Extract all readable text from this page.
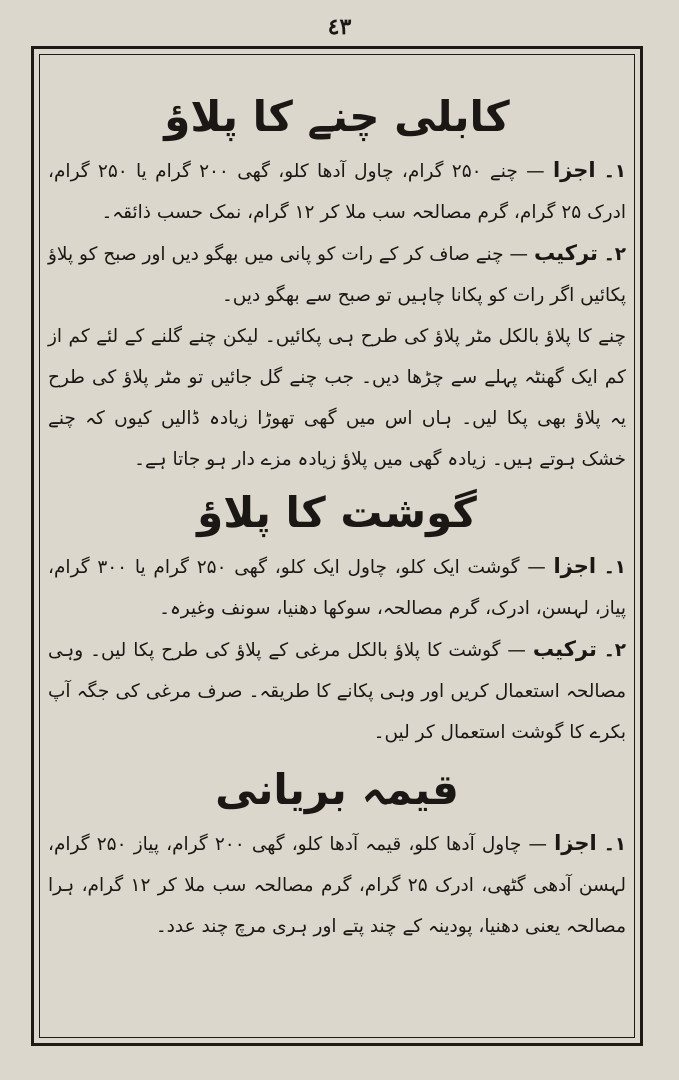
٤٣
کابلی چنے کا پلاؤ

۱۔ اجزا — چنے ۲۵۰ گرام، چاول آدھا کلو، گھی ۲۰۰ گرام یا ۲۵۰ گرام، ادرک ۲۵ گرام، گرم مصالحہ سب ملا کر ۱۲ گرام، نمک حسب ذائقہ۔

۲۔ ترکیب — چنے صاف کر کے رات کو پانی میں بھگو دیں اور صبح کو پلاؤ پکائیں اگر رات کو پکانا چاہیں تو صبح سے بھگو دیں۔

چنے کا پلاؤ بالکل مٹر پلاؤ کی طرح ہی پکائیں۔ لیکن چنے گلنے کے لئے کم از کم ایک گھنٹہ پہلے سے چڑھا دیں۔ جب چنے گل جائیں تو مٹر پلاؤ کی طرح یہ پلاؤ بھی پکا لیں۔ ہاں اس میں گھی تھوڑا زیادہ ڈالیں کیوں کہ چنے خشک ہوتے ہیں۔ زیادہ گھی میں پلاؤ زیادہ مزے دار ہو جاتا ہے۔

گوشت کا پلاؤ

۱۔ اجزا — گوشت ایک کلو، چاول ایک کلو، گھی ۲۵۰ گرام یا ۳۰۰ گرام، پیاز، لہسن، ادرک، گرم مصالحہ، سوکھا دھنیا، سونف وغیرہ۔

۲۔ ترکیب — گوشت کا پلاؤ بالکل مرغی کے پلاؤ کی طرح پکا لیں۔ وہی مصالحہ استعمال کریں اور وہی پکانے کا طریقہ۔ صرف مرغی کی جگہ آپ بکرے کا گوشت استعمال کر لیں۔

قیمہ بریانی

۱۔ اجزا — چاول آدھا کلو، قیمہ آدھا کلو، گھی ۲۰۰ گرام، پیاز ۲۵۰ گرام، لہسن آدھی گٹھی، ادرک ۲۵ گرام، گرم مصالحہ سب ملا کر ۱۲ گرام، ہرا مصالحہ یعنی دھنیا، پودینہ کے چند پتے اور ہری مرچ چند عدد۔
